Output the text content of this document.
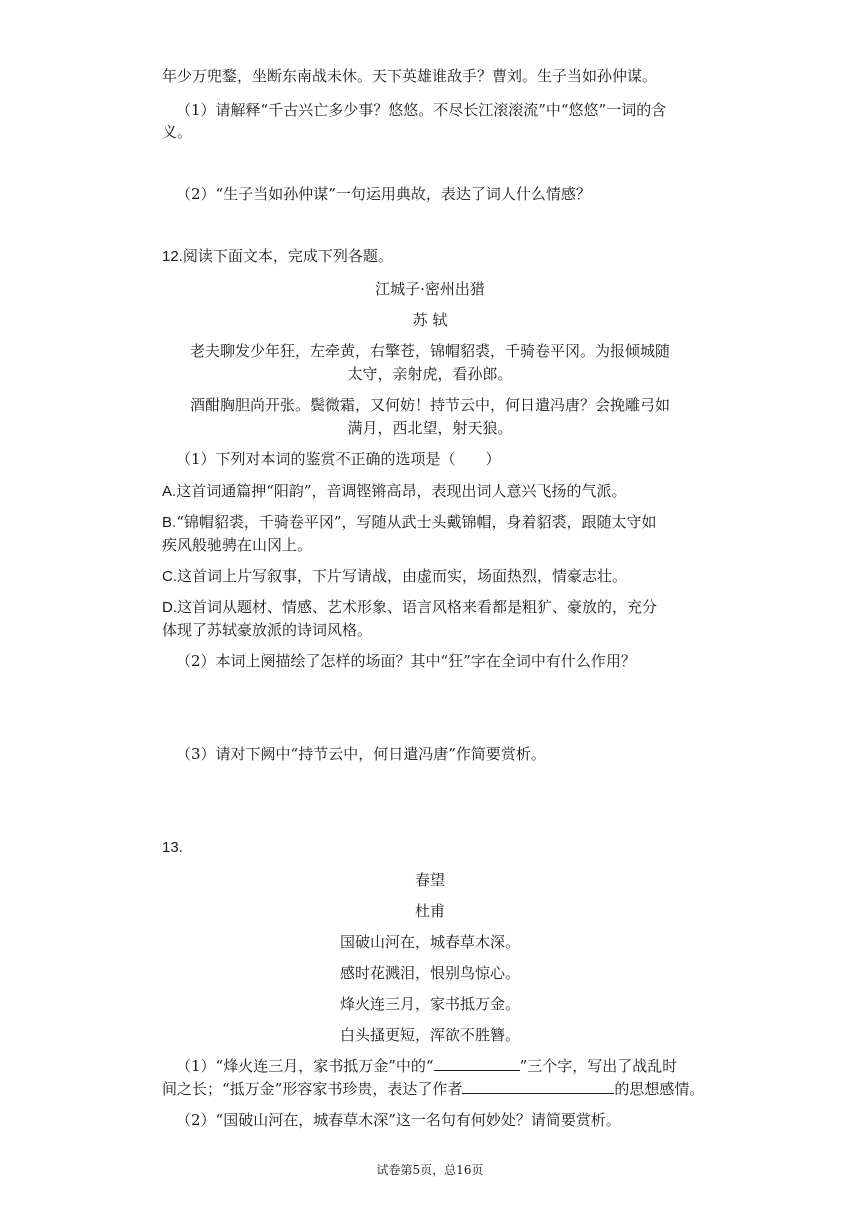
年少万兜鍪，坐断东南战未休。天下英雄谁敌手？曹刘。生子当如孙仲谋。
（1）请解释“千古兴亡多少事？悠悠。不尽长江滚滚流”中“悠悠”一词的含
义。
（2）“生子当如孙仲谋”一句运用典故，表达了词人什么情感？
12.阅读下面文本，完成下列各题。
江城子·密州出猎
苏 轼
老夫聊发少年狂，左牵黄，右擎苍，锦帽貂裘，千骑卷平冈。为报倾城随
太守，亲射虎，看孙郎。
酒酣胸胆尚开张。鬓微霜，又何妨！持节云中，何日遣冯唐？会挽雕弓如
满月，西北望，射天狼。
（1）下列对本词的鉴赏不正确的选项是（　　）
A.这首词通篇押“阳韵”，音调铿锵高昂，表现出词人意兴飞扬的气派。
B.“锦帽貂裘，千骑卷平冈”，写随从武士头戴锦帽，身着貂裘，跟随太守如
疾风般驰骋在山冈上。
C.这首词上片写叙事，下片写请战，由虚而实，场面热烈，情豪志壮。
D.这首词从题材、情感、艺术形象、语言风格来看都是粗犷、豪放的，充分
体现了苏轼豪放派的诗词风格。
（2）本词上阕描绘了怎样的场面？其中“狂”字在全词中有什么作用？
（3）请对下阙中“持节云中，何日遣冯唐”作简要赏析。
13.
春望
杜甫
国破山河在，城春草木深。
感时花溅泪，恨别鸟惊心。
烽火连三月，家书抵万金。
白头搔更短，浑欲不胜簪。
（1）“烽火连三月，家书抵万金”中的“	”三个字，写出了战乱时
间之长；“抵万金”形容家书珍贵，表达了作者	的思想感情。
（2）“国破山河在，城春草木深”这一名句有何妙处？请简要赏析。
试卷第5页，总16页
